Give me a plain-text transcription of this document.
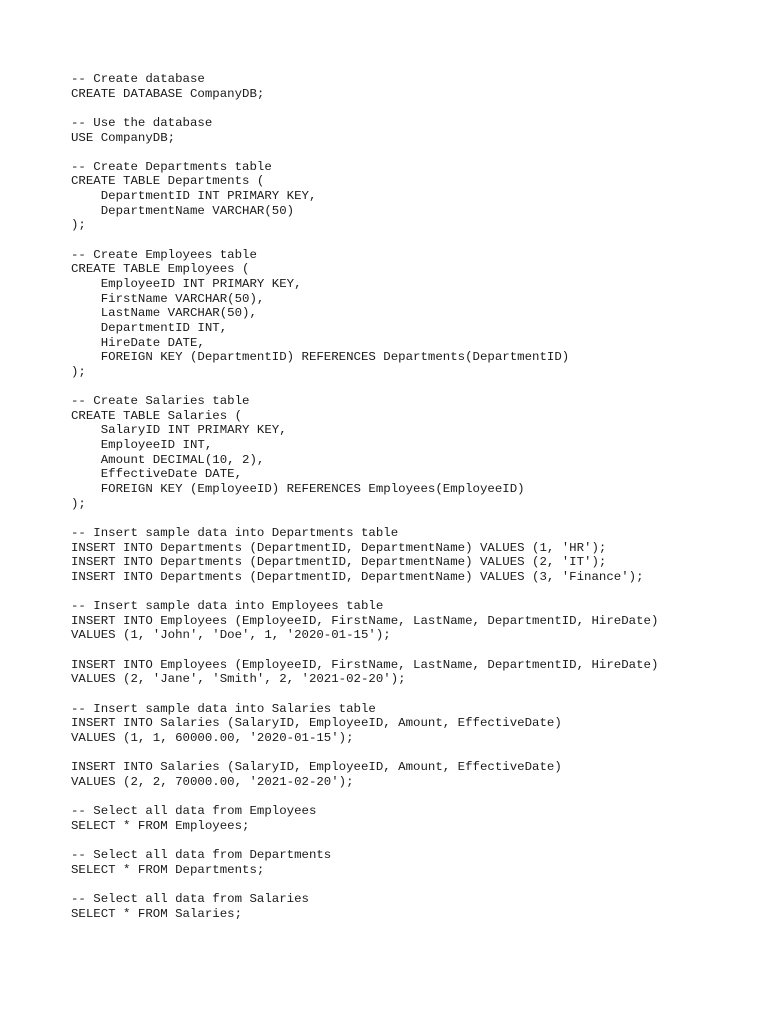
-- Create database
CREATE DATABASE CompanyDB;
-- Use the database
USE CompanyDB;
-- Create Departments table
CREATE TABLE Departments (
DepartmentID INT PRIMARY KEY,
DepartmentName VARCHAR(50)
);
-- Create Employees table
CREATE TABLE Employees (
EmployeeID INT PRIMARY KEY,
FirstName VARCHAR(50),
LastName VARCHAR(50),
DepartmentID INT,
HireDate DATE,
FOREIGN KEY (DepartmentID) REFERENCES Departments(DepartmentID)
);
-- Create Salaries table
CREATE TABLE Salaries (
SalaryID INT PRIMARY KEY,
EmployeeID INT,
Amount DECIMAL(10, 2),
EffectiveDate DATE,
FOREIGN KEY (EmployeeID) REFERENCES Employees(EmployeeID)
);
-- Insert sample data into Departments table
INSERT INTO Departments (DepartmentID, DepartmentName) VALUES (1, 'HR');
INSERT INTO Departments (DepartmentID, DepartmentName) VALUES (2, 'IT');
INSERT INTO Departments (DepartmentID, DepartmentName) VALUES (3, 'Finance');
-- Insert sample data into Employees table
INSERT INTO Employees (EmployeeID, FirstName, LastName, DepartmentID, HireDate)
VALUES (1, 'John', 'Doe', 1, '2020-01-15');
INSERT INTO Employees (EmployeeID, FirstName, LastName, DepartmentID, HireDate)
VALUES (2, 'Jane', 'Smith', 2, '2021-02-20');
-- Insert sample data into Salaries table
INSERT INTO Salaries (SalaryID, EmployeeID, Amount, EffectiveDate)
VALUES (1, 1, 60000.00, '2020-01-15');
INSERT INTO Salaries (SalaryID, EmployeeID, Amount, EffectiveDate)
VALUES (2, 2, 70000.00, '2021-02-20');
-- Select all data from Employees
SELECT * FROM Employees;
-- Select all data from Departments
SELECT * FROM Departments;
-- Select all data from Salaries
SELECT * FROM Salaries;
